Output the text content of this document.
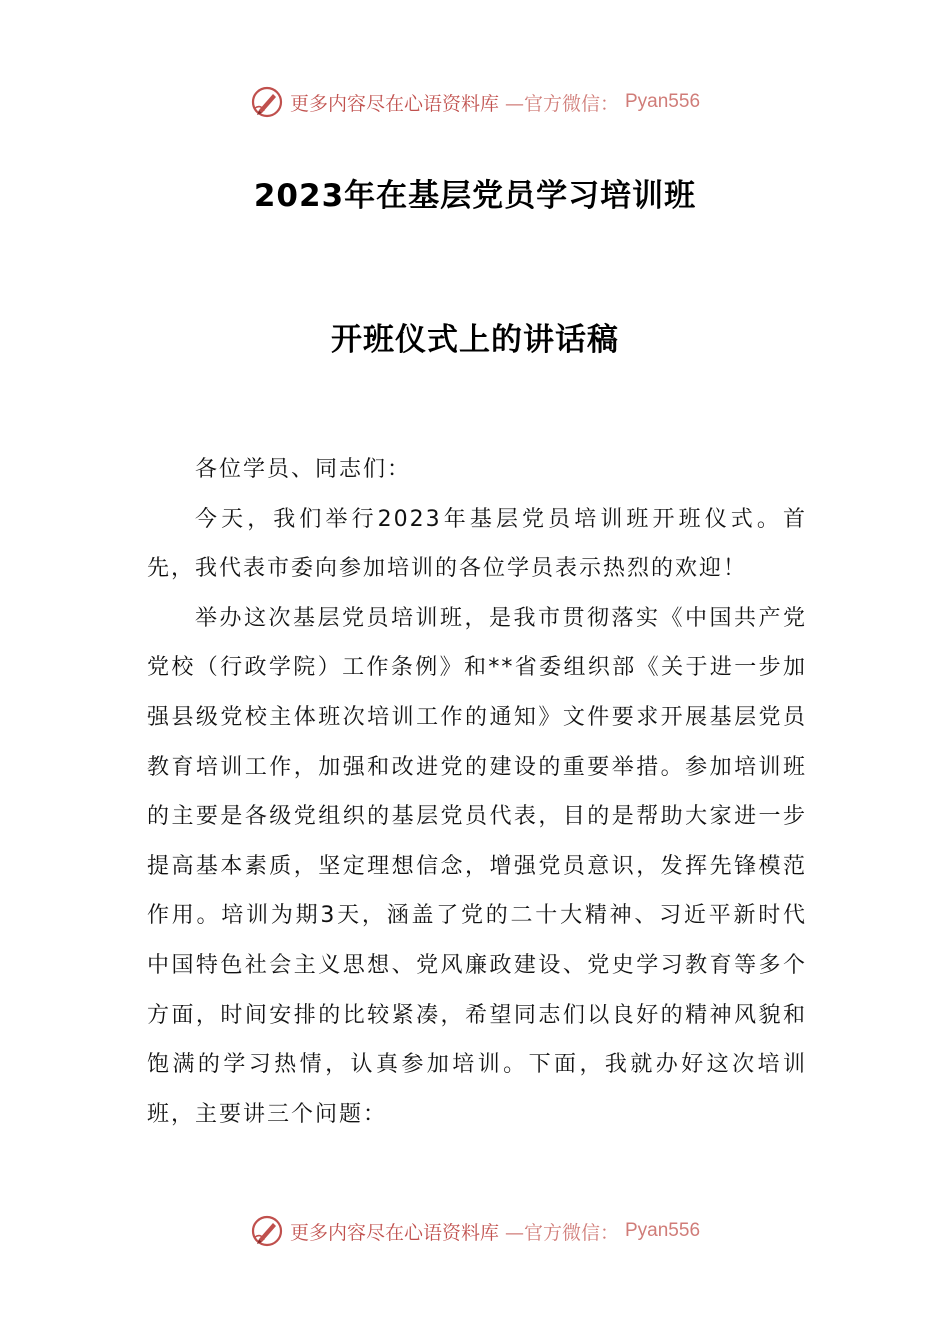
更多内容尽在心语资料库 —官方微信： Pyan556
2023年在基层党员学习培训班
开班仪式上的讲话稿

各位学员、同志们：

今天，我们举行2023年基层党员培训班开班仪式。首先，我代表市委向参加培训的各位学员表示热烈的欢迎！

举办这次基层党员培训班，是我市贯彻落实《中国共产党党校（行政学院）工作条例》和**省委组织部《关于进一步加强县级党校主体班次培训工作的通知》文件要求开展基层党员教育培训工作，加强和改进党的建设的重要举措。参加培训班的主要是各级党组织的基层党员代表，目的是帮助大家进一步提高基本素质，坚定理想信念，增强党员意识，发挥先锋模范作用。培训为期3天，涵盖了党的二十大精神、习近平新时代中国特色社会主义思想、党风廉政建设、党史学习教育等多个方面，时间安排的比较紧凑，希望同志们以良好的精神风貌和饱满的学习热情，认真参加培训。下面，我就办好这次培训班，主要讲三个问题：

更多内容尽在心语资料库 —官方微信： Pyan556
